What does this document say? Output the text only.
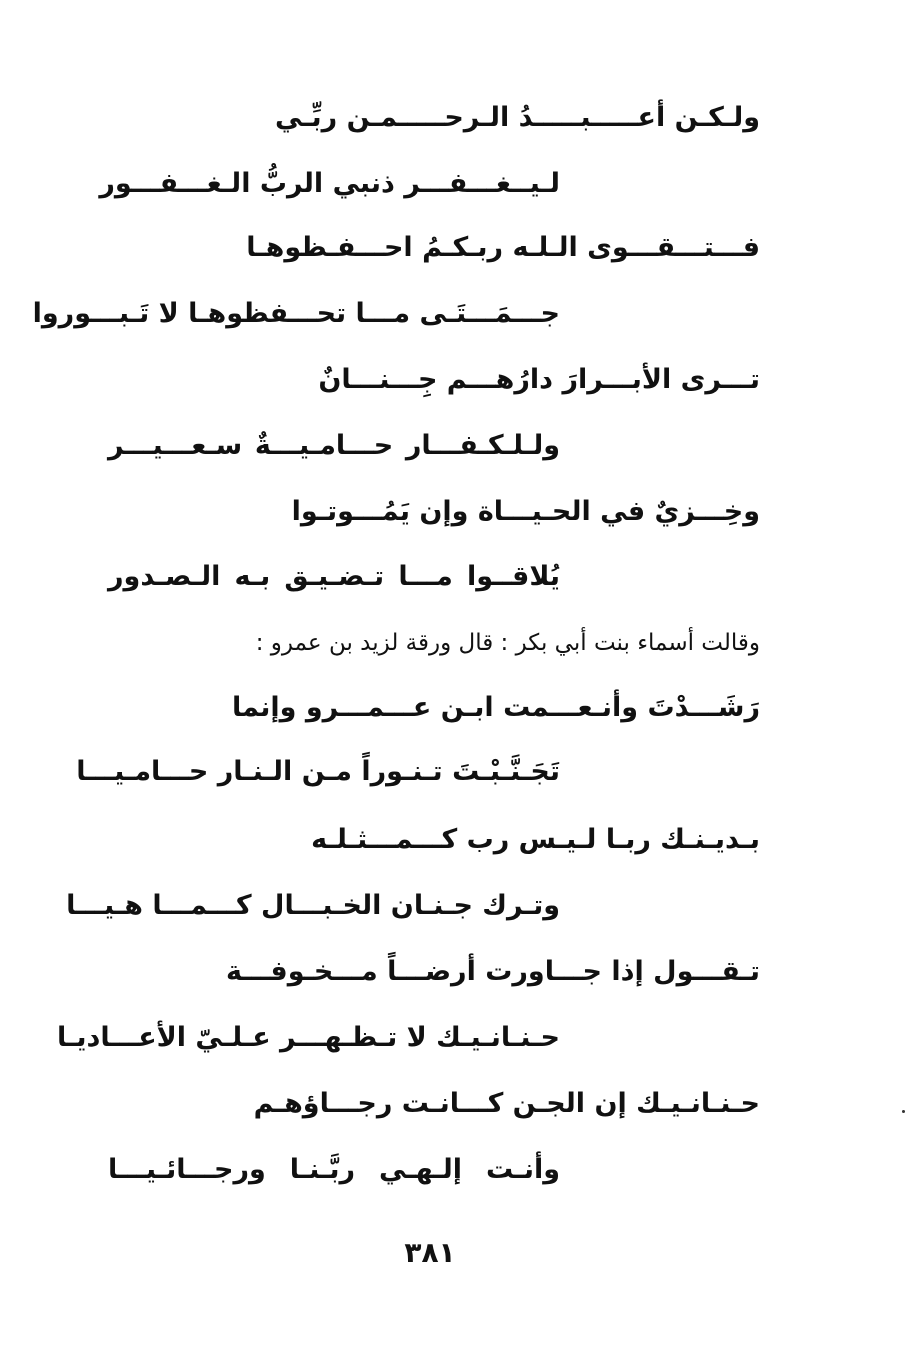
ولـكـن أعـــــبـــــدُ الـرحـــــمـن ربِّـي
لـيــغـــفـــر ذنبي الربُّ الـغـــفـــور
فـــتـــقـــوى الـلـه ربـكـمُ احـــفـظوهـا
جـــمَـــتَـى مـــا تحـــفظوهـا لا تَـبـــوروا
تـــرى الأبـــرارَ دارُهـــم جِـــنـــانٌ
ولـلـكـفـــار حـــامـيـــةٌ سـعـــيـــر
وخِـــزيٌ في الحـيـــاة وإن يَمُـــوتـوا
يُلاقــوا مـــا تـضـيـق بـه الـصـدور
وقالت أسماء بنت أبي بكر : قال ورقة لزيد بن عمرو :
رَشَـــدْتَ وأنـعـــمت ابـن عـــمـــرو وإنما
تَجَـنَّـبْـتَ تـنـوراً مـن الـنـار حـــامـيـــا
بـديـنـك ربـا لـيـس رب كـــمـــثـلـه
وتـرك جـنـان الخـبـــال كـــمـــا هـيـــا
تـقـــول إذا جـــاورت أرضـــاً مـــخـوفـــة
حـنـانـيـك لا تـظـهـــر عـلـيّ الأعـــاديـا
حـنـانـيـك إن الجـن كـــانـت رجـــاؤهـم
وأنـت إلـهـي ربَّـنـا ورجـــائـيـــا
٣٨١
